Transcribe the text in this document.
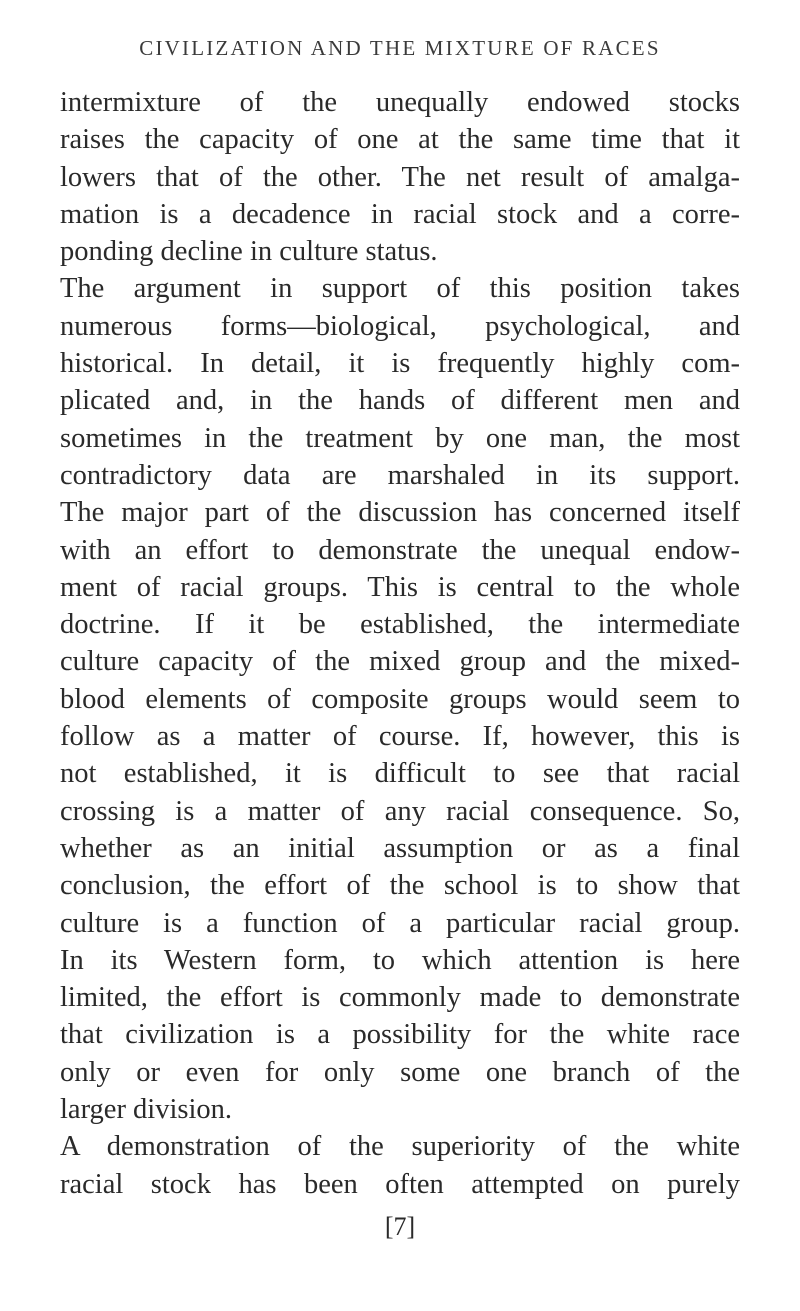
CIVILIZATION AND THE MIXTURE OF RACES
intermixture of the unequally endowed stocks
raises the capacity of one at the same time that it
lowers that of the other. The net result of amalga-
mation is a decadence in racial stock and a corre-
ponding decline in culture status.
The argument in support of this position takes
numerous forms—biological, psychological, and
historical. In detail, it is frequently highly com-
plicated and, in the hands of different men and
sometimes in the treatment by one man, the most
contradictory data are marshaled in its support.
The major part of the discussion has concerned itself
with an effort to demonstrate the unequal endow-
ment of racial groups. This is central to the whole
doctrine. If it be established, the intermediate
culture capacity of the mixed group and the mixed-
blood elements of composite groups would seem to
follow as a matter of course. If, however, this is
not established, it is difficult to see that racial
crossing is a matter of any racial consequence. So,
whether as an initial assumption or as a final
conclusion, the effort of the school is to show that
culture is a function of a particular racial group.
In its Western form, to which attention is here
limited, the effort is commonly made to demonstrate
that civilization is a possibility for the white race
only or even for only some one branch of the
larger division.
A demonstration of the superiority of the white
racial stock has been often attempted on purely
[7]
